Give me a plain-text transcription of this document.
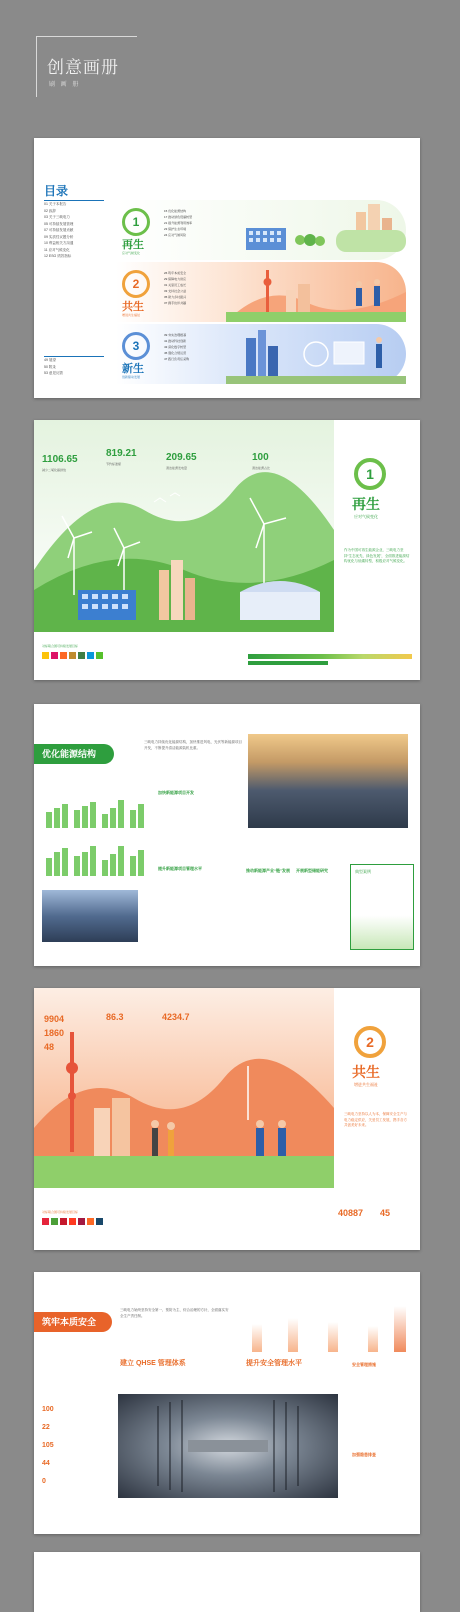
创意画册
刷 画 册
目录
01 关于本报告
02 致辞
03 关于三峡电力
05 可持续发展管理
07 可持续发展贡献
09 实质性议题分析
10 利益相关方沟通
11 应对气候变化
12 ESG 绩效指标
49 展望
50 附录
53 意见反馈
1
再生
应对气候变化
15 优化能源结构
17 推动绿色低碳转型
21 提升能源利用效率
23 保护生态环境
24 应对气候风险
2
共生
增进共生福祉
26 筑牢本质安全
29 保障电力供应
31 关爱员工成长
33 支持社会公益
35 助力乡村振兴
37 携手伙伴共赢
3
新生
创新驱动发展
39 夯实治理根基
41 推动科技创新
43 深化数字转型
45 强化合规运营
47 践行负责任采购
1106.65
减少二氧化碳排放
819.21
节约标准煤
209.65
清洁能源发电量
100
清洁能源占比	1
再生
应对气候变化
作为中国可再生能源企业，三峡电力坚持“生态优先、绿色发展”，全面推进能源结构优化与低碳转型，积极应对气候变化。
对标联合国可持续发展目标
优化能源结构
三峡电力持续优化能源结构，加快推进风电、光伏等新能源项目开发，不断提升清洁能源装机比重。
加快新能源项目开发
提升新能源项目管理水平	推动新能源产业“链”发展 开展新型储能研究	典型案例
9904	86.3	4234.7
1860
48	2
共生
增进共生福祉
三峡电力坚持以人为本，保障安全生产与电力稳定供应，关爱员工发展，携手各方共创美好未来。
40887 45
对标联合国可持续发展目标
筑牢本质安全
三峡电力始终坚持安全第一、预防为主、综合治理的方针，全面落实安全生产责任制。
建立 QHSE 管理体系	提升安全管理水平
100
22
105
44
0
安全管理措施
加强隐患排查
